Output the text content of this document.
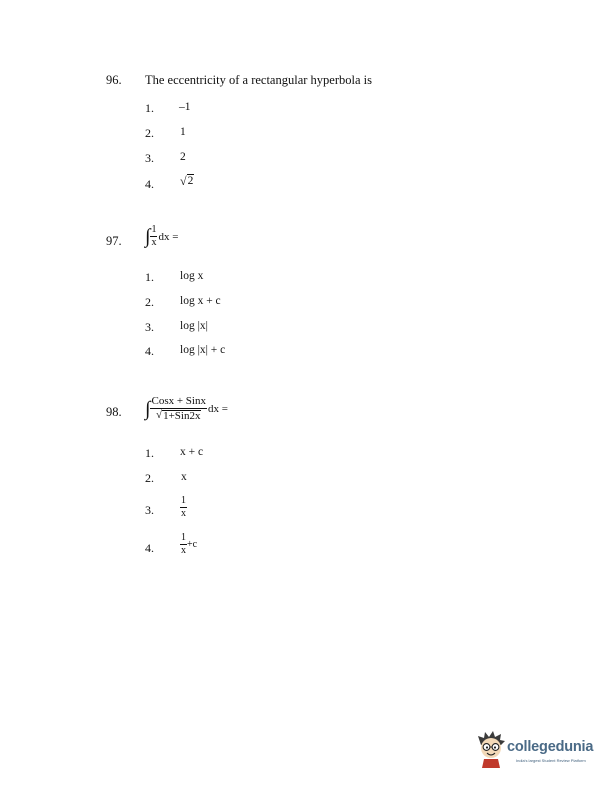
96. The eccentricity of a rectangular hyperbola is
1. –1
2. 1
3. 2
4. √ 2
97. ∫ $\frac{1}{x}$ dx =
1. log x
2. log x + c
3. log |x|
4. log |x| + c
98. ∫ $\frac{\text{Cosx + Sinx}}{\text{√ 1+Sin2x}}$ dx =
1. x + c
2. x
3.	$\frac{1}{x}$
4.	$\frac{1}{x} +c$
collegedunia
India's largest Student Review Platform
